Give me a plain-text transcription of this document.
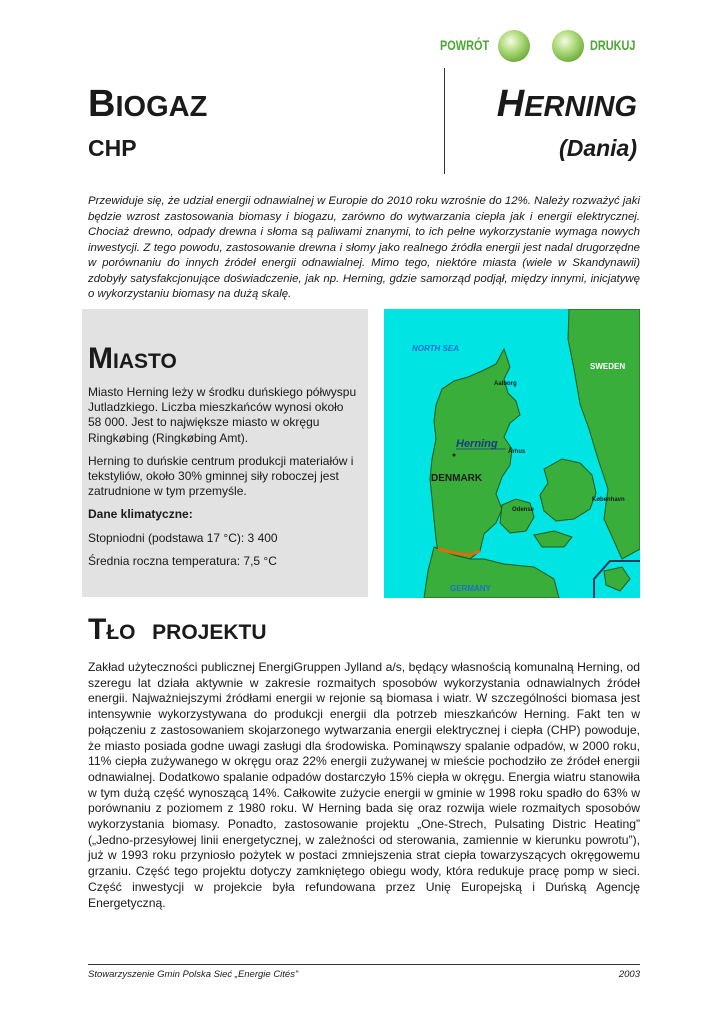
POWRÓT	DRUKUJ
BIOGAZ
CHP
HERNING
(Dania)

Przewiduje się, że udział energii odnawialnej w Europie do 2010 roku wzrośnie do 12%. Należy rozważyć jaki będzie wzrost zastosowania biomasy i biogazu, zarówno do wytwarzania ciepła jak i energii elektrycznej. Chociaż drewno, odpady drewna i słoma są paliwami znanymi, to ich pełne wykorzystanie wymaga nowych inwestycji. Z tego powodu, zastosowanie drewna i słomy jako realnego źródła energii jest nadal drugorzędne w porównaniu do innych źródeł energii odnawialnej. Mimo tego, niektóre miasta (wiele w Skandynawii) zdobyły satysfakcjonujące doświadczenie, jak np. Herning, gdzie samorząd podjął, między innymi, inicjatywę o wykorzystaniu biomasy na dużą skalę.

MIASTO

Miasto Herning leży w środku duńskiego półwyspu Jutladzkiego. Liczba mieszkańców wynosi około 58 000. Jest to największe miasto w okręgu Ringkøbing (Ringkøbing Amt).

Herning to duńskie centrum produkcji materiałów i tekstyliów, około 30% gminnej siły roboczej jest zatrudnione w tym przemyśle.

Dane klimatyczne:

Stopniodni (podstawa 17 °C): 3 400

Średnia roczna temperatura: 7,5 °C

NORTH SEA
SWEDEN
Aalborg
Herning
Århus
DENMARK
Odense
København
GERMANY
TŁO PROJEKTU

Zakład użyteczności publicznej EnergiGruppen Jylland a/s, będący własnością komunalną Herning, od szeregu lat działa aktywnie w zakresie rozmaitych sposobów wykorzystania odnawialnych źródeł energii. Najważniejszymi źródłami energii w rejonie są biomasa i wiatr. W szczególności biomasa jest intensywnie wykorzystywana do produkcji energii dla potrzeb mieszkańców Herning. Fakt ten w połączeniu z zastosowaniem skojarzonego wytwarzania energii elektrycznej i ciepła (CHP) powoduje, że miasto posiada godne uwagi zasługi dla środowiska. Pominąwszy spalanie odpadów, w 2000 roku, 11% ciepła zużywanego w okręgu oraz 22% energii zużywanej w mieście pochodziło ze źródeł energii odnawialnej. Dodatkowo spalanie odpadów dostarczyło 15% ciepła w okręgu. Energia wiatru stanowiła w tym dużą część wynoszącą 14%. Całkowite zużycie energii w gminie w 1998 roku spadło do 63% w porównaniu z poziomem z 1980 roku. W Herning bada się oraz rozwija wiele rozmaitych sposobów wykorzystania biomasy. Ponadto, zastosowanie projektu „One-Strech, Pulsating Distric Heating” („Jedno-przesyłowej linii energetycznej, w zależności od sterowania, zamiennie w kierunku powrotu”), już w 1993 roku przyniosło pożytek w postaci zmniejszenia strat ciepła towarzyszących okręgowemu grzaniu. Część tego projektu dotyczy zamkniętego obiegu wody, która redukuje pracę pomp w sieci. Część inwestycji w projekcie była refundowana przez Unię Europejską i Duńską Agencję Energetyczną.

Stowarzyszenie Gmin Polska Sieć „Energie Cités”	2003
